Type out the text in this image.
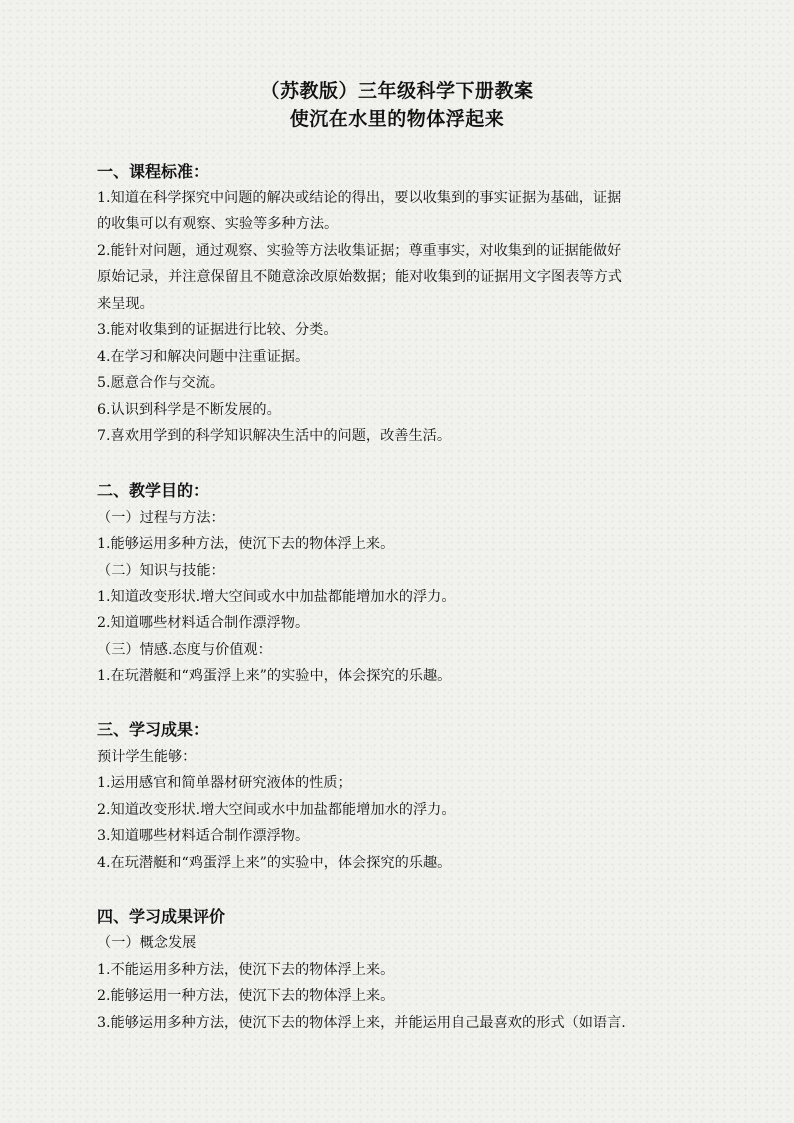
（苏教版）三年级科学下册教案
使沉在水里的物体浮起来
一、课程标准：
1.知道在科学探究中问题的解决或结论的得出，要以收集到的事实证据为基础，证据
的收集可以有观察、实验等多种方法。
2.能针对问题，通过观察、实验等方法收集证据；尊重事实，对收集到的证据能做好
原始记录，并注意保留且不随意涂改原始数据；能对收集到的证据用文字图表等方式
来呈现。
3.能对收集到的证据进行比较、分类。
4.在学习和解决问题中注重证据。
5.愿意合作与交流。
6.认识到科学是不断发展的。
7.喜欢用学到的科学知识解决生活中的问题，改善生活。
二、教学目的：
（一）过程与方法：
1.能够运用多种方法，使沉下去的物体浮上来。
（二）知识与技能：
1.知道改变形状.增大空间或水中加盐都能增加水的浮力。
2.知道哪些材料适合制作漂浮物。
（三）情感.态度与价值观：
1.在玩潜艇和“鸡蛋浮上来”的实验中，体会探究的乐趣。
三、学习成果：
预计学生能够：
1.运用感官和简单器材研究液体的性质；
2.知道改变形状.增大空间或水中加盐都能增加水的浮力。
3.知道哪些材料适合制作漂浮物。
4.在玩潜艇和“鸡蛋浮上来”的实验中，体会探究的乐趣。
四、学习成果评价
（一）概念发展
1.不能运用多种方法，使沉下去的物体浮上来。
2.能够运用一种方法，使沉下去的物体浮上来。
3.能够运用多种方法，使沉下去的物体浮上来，并能运用自己最喜欢的形式（如语言.
